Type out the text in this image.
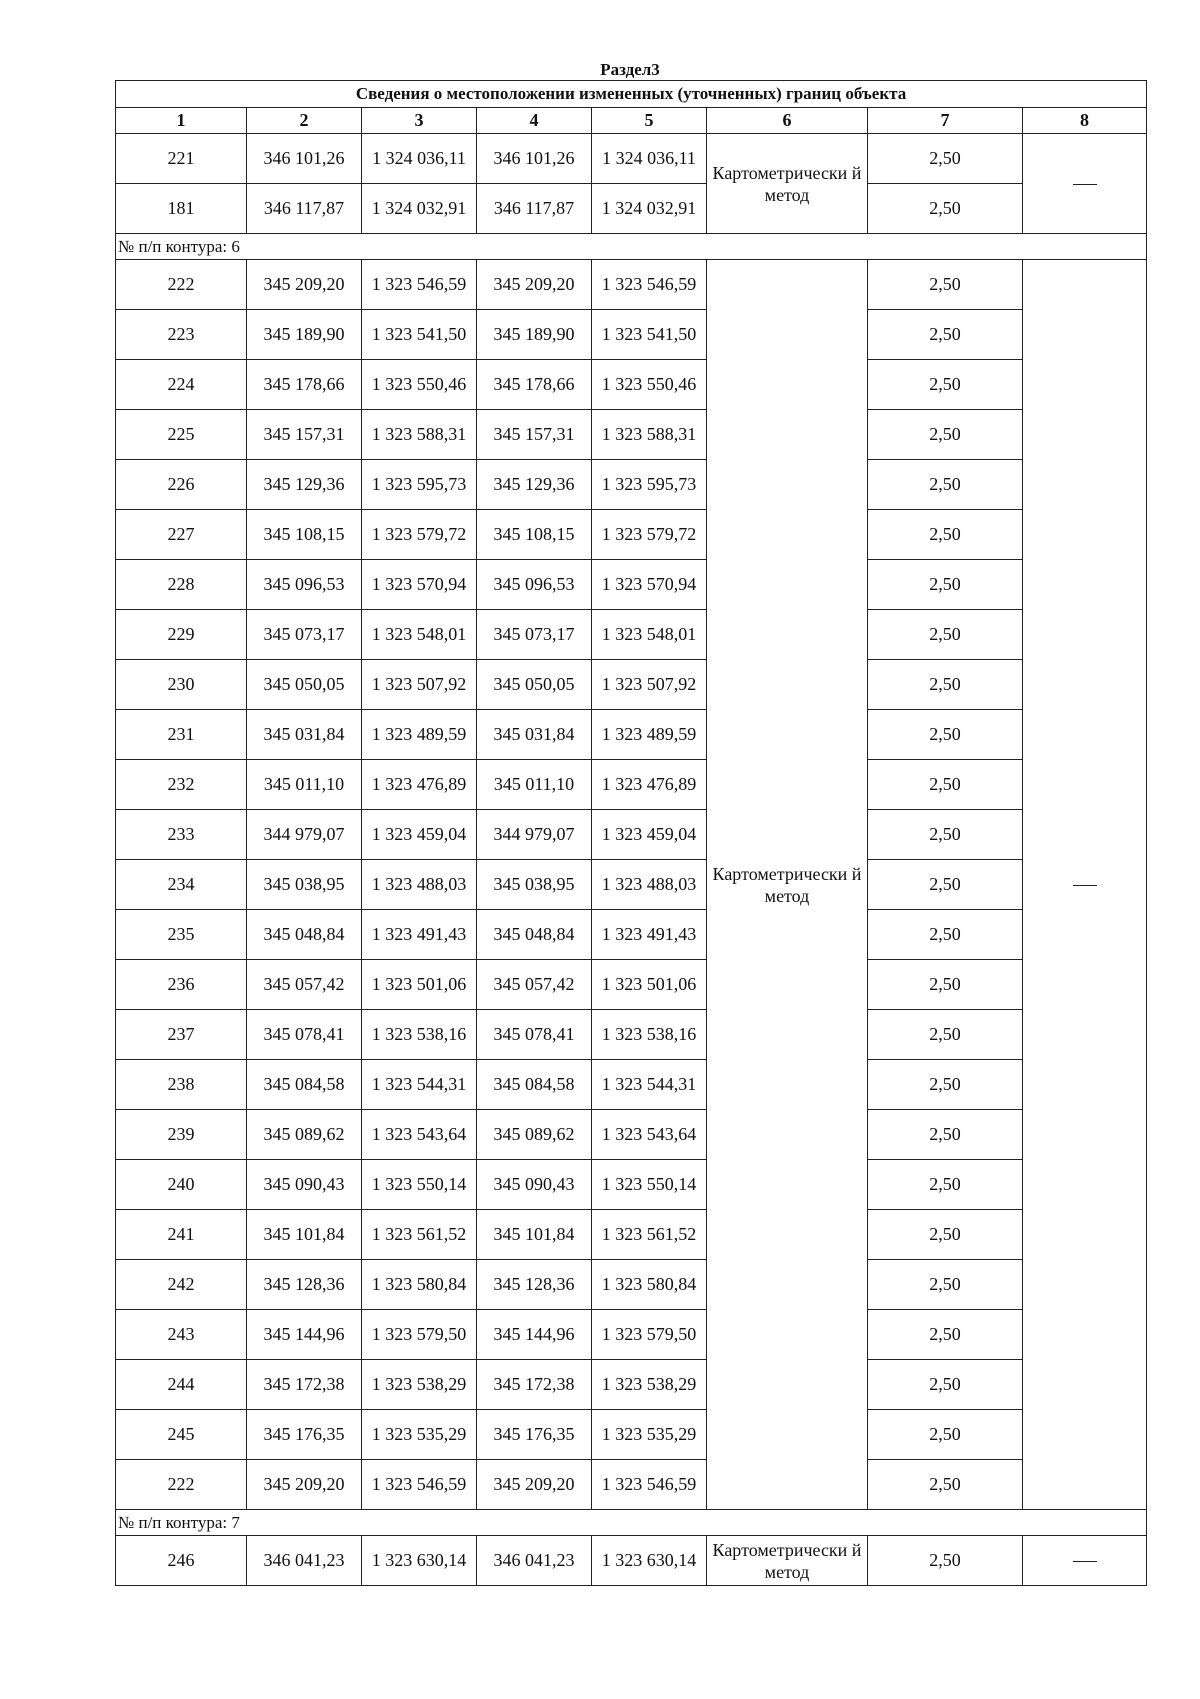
Раздел3
Сведения о местоположении измененных (уточненных) границ объекта							
1	2	3	4	5	6	7	8
221	346 101,26	1 324 036,11	346 101,26	1 324 036,11	Картометрически й метод	2,50	
181	346 117,87	1 324 032,91	346 117,87	1 324 032,91		2,50	
№ п/п контура: 6							
222	345 209,20	1 323 546,59	345 209,20	1 323 546,59	Картометрически й метод	2,50	
223	345 189,90	1 323 541,50	345 189,90	1 323 541,50		2,50	
224	345 178,66	1 323 550,46	345 178,66	1 323 550,46		2,50	
225	345 157,31	1 323 588,31	345 157,31	1 323 588,31		2,50	
226	345 129,36	1 323 595,73	345 129,36	1 323 595,73		2,50	
227	345 108,15	1 323 579,72	345 108,15	1 323 579,72		2,50	
228	345 096,53	1 323 570,94	345 096,53	1 323 570,94		2,50	
229	345 073,17	1 323 548,01	345 073,17	1 323 548,01		2,50	
230	345 050,05	1 323 507,92	345 050,05	1 323 507,92		2,50	
231	345 031,84	1 323 489,59	345 031,84	1 323 489,59		2,50	
232	345 011,10	1 323 476,89	345 011,10	1 323 476,89		2,50	
233	344 979,07	1 323 459,04	344 979,07	1 323 459,04		2,50	
234	345 038,95	1 323 488,03	345 038,95	1 323 488,03		2,50	
235	345 048,84	1 323 491,43	345 048,84	1 323 491,43		2,50	
236	345 057,42	1 323 501,06	345 057,42	1 323 501,06		2,50	
237	345 078,41	1 323 538,16	345 078,41	1 323 538,16		2,50	
238	345 084,58	1 323 544,31	345 084,58	1 323 544,31		2,50	
239	345 089,62	1 323 543,64	345 089,62	1 323 543,64		2,50	
240	345 090,43	1 323 550,14	345 090,43	1 323 550,14		2,50	
241	345 101,84	1 323 561,52	345 101,84	1 323 561,52		2,50	
242	345 128,36	1 323 580,84	345 128,36	1 323 580,84		2,50	
243	345 144,96	1 323 579,50	345 144,96	1 323 579,50		2,50	
244	345 172,38	1 323 538,29	345 172,38	1 323 538,29		2,50	
245	345 176,35	1 323 535,29	345 176,35	1 323 535,29		2,50	
222	345 209,20	1 323 546,59	345 209,20	1 323 546,59		2,50	
№ п/п контура: 7							
246	346 041,23	1 323 630,14	346 041,23	1 323 630,14	Картометрически й метод	2,50	
